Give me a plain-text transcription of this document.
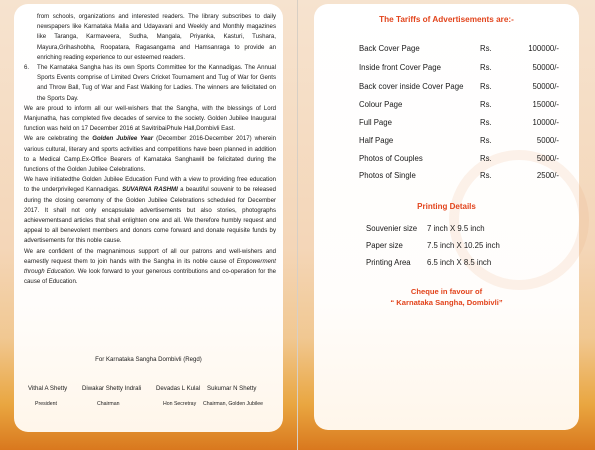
from schools, organizations and interested readers. The library subscribes to daily newspapers like Karnataka Malla and Udayavani and Weekly and Monthly magazines like Taranga, Karmaveera, Sudha, Mangala, Priyanka, Kasturi, Tushara, Mayura,Grihashobha, Roopatara, Ragasangama and Hamsanraga to provide an enriching reading experience to our esteemed readers.

6.	The Karnataka Sangha has its own Sports Committee for the Kannadigas. The Annual Sports Events comprise of Limited Overs Cricket Tournament and Tug of War for Gents and Throw Ball, Tug of War and Fast Walking for Ladies. The winners are felicitated on the Sports Day.

We are proud to inform all our well-wishers that the Sangha, with the blessings of Lord Manjunatha, has completed five decades of service to the society. Golden Jubilee Inaugural function was held on 17 December 2016 at SavitribaiPhule Hall,Dombivli East.

We are celebrating the Golden Jubilee Year (December 2016-December 2017) wherein various cultural, literary and sports activities and competitions have been planned in addition to a Medical Camp.Ex-Office Bearers of Karnataka Sanghawill be felicitated during the functions of the Golden Jubilee Celebrations.

We have initiatedthe Golden Jubilee Education Fund with a view to providing free education to the underprivileged Kannadigas. SUVARNA RASHMI a beautiful souvenir to be released during the closing ceremony of the Golden Jubilee Celebrations scheduled for December 2017. It shall not only encapsulate advertisements but also stories, photographs achievementsand articles that shall enlighten one and all. We therefore humbly request and appeal to all benevolent members and donors come forward and donate requisite funds by advertisements for this noble cause.

We are confident of the magnanimous support of all our patrons and well-wishers and earnestly request them to join hands with the Sangha in its noble cause of Empowerment through Education. We look forward to your generous contributions and co-operation for the cause of Education.

For Karnataka Sangha Dombivli (Regd)
Vithal A Shetty
President
Diwakar Shetty Indrali
Chairman
Devadas L Kulal
Hon Secretray
Sukumar N Shetty
Chairman, Golden Jubilee
The Tariffs of Advertisements are:-
Back Cover Page	Rs.	100000/-
Inside front Cover Page	Rs.	50000/-
Back cover inside Cover Page Rs.	50000/-
Colour Page	Rs.	15000/-
Full Page	Rs.	10000/-
Half Page	Rs.	5000/-
Photos of Couples	Rs.	5000/-
Photos of Single	Rs.	2500/-
Printing Details
Souvenier size 7 inch X 9.5 inch
Paper size	7.5 inch X 10.25 inch
Printing Area 6.5 inch X 8.5 inch
Cheque in favour of
“ Karnataka Sangha, Dombivli”
